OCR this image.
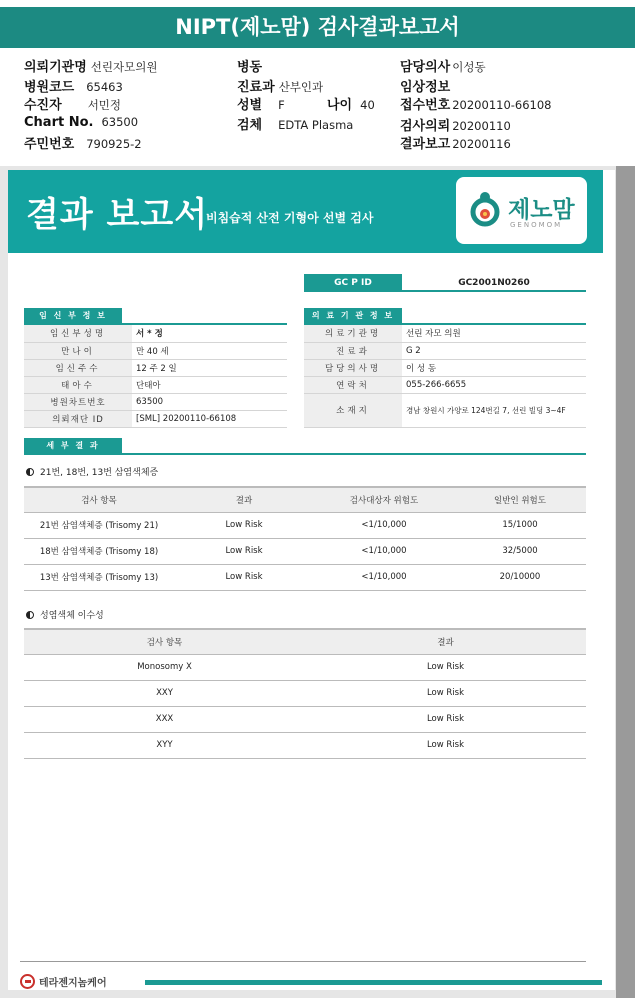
NIPT(제노맘) 검사결과보고서
의뢰기관명 선린자모의원
병원코드 65463
수진자 서민정
Chart No. 63500
주민번호 790925-2
병동
진료과 산부인과
성별 F
검체 EDTA Plasma
나이 40
담당의사 이성동
임상정보
접수번호 20200110-66108
검사의뢰 20200110
결과보고 20200116
결과 보고서
비침습적 산전 기형아 선별 검사	제노맘
GENOMOM
GC P ID	GC2001N0260
임 신 부 정 보
임신부성명	서 * 정
만나이	만 40 세
임신주수	12 주 2 일
태아수	단태아
병원차트번호	63500
의뢰재단 ID	[SML] 20200110-66108
의 료 기 관 정 보
의료기관명	선린 자모 의원
진료과	G 2
담당의사명	이 성 동
연락처	055-266-6655
소재지	경남 창원시 가양로 124번길 7, 선린 빌딩 3~4F
세 부 결 과
21번, 18번, 13번 삼염색체증
검사 항목	결과	검사대상자 위험도	일반인 위험도
21번 삼염색체증 (Trisomy 21)	Low Risk	<1/10,000	15/1000
18번 삼염색체증 (Trisomy 18)	Low Risk	<1/10,000	32/5000
13번 삼염색체증 (Trisomy 13)	Low Risk	<1/10,000	20/10000
성염색체 이수성
검사 항목	결과
Monosomy X	Low Risk
XXY	Low Risk
XXX	Low Risk
XYY	Low Risk
테라젠지놈케어
